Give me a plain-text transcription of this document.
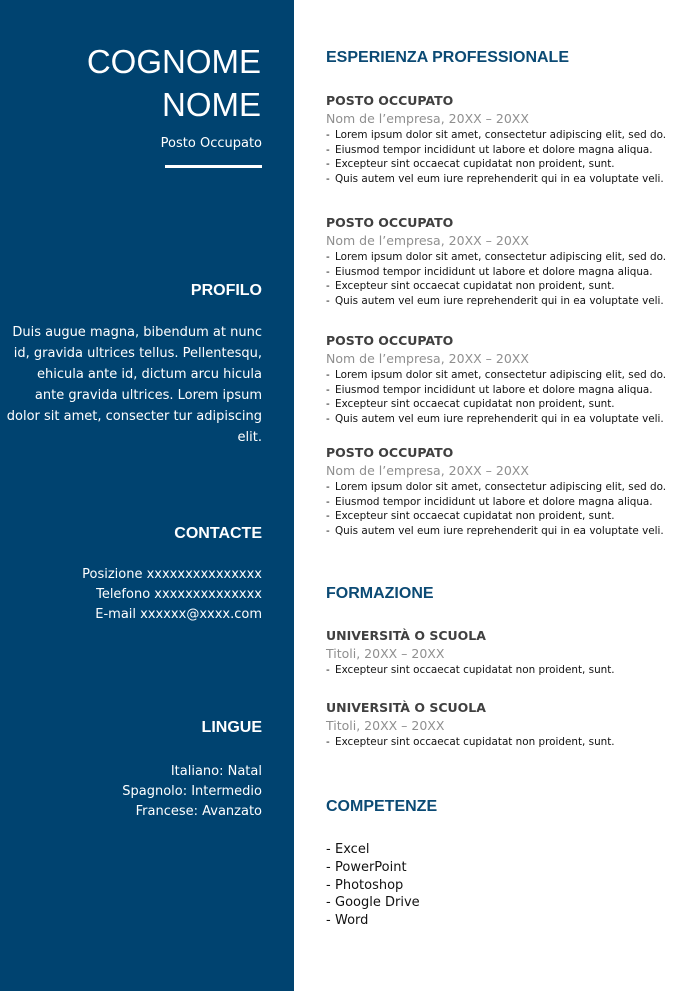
COGNOME
NOME
Posto Occupato
PROFILO

Duis augue magna, bibendum at nunc id, gravida ultrices tellus. Pellentesqu, ehicula ante id, dictum arcu hicula ante gravida ultrices. Lorem ipsum dolor sit amet, consecter tur adipiscing elit.

CONTACTE
Posizione xxxxxxxxxxxxxxx
Telefono xxxxxxxxxxxxxx
E-mail xxxxxx@xxxx.com
LINGUE
Italiano: Natal
Spagnolo: Intermedio
Francese: Avanzato
ESPERIENZA PROFESSIONALE
POSTO OCCUPATO
Nom de l’empresa, 20XX – 20XX
- Lorem ipsum dolor sit amet, consectetur adipiscing elit, sed do.
- Eiusmod tempor incididunt ut labore et dolore magna aliqua.
- Excepteur sint occaecat cupidatat non proident, sunt.
- Quis autem vel eum iure reprehenderit qui in ea voluptate veli.
POSTO OCCUPATO
Nom de l’empresa, 20XX – 20XX
- Lorem ipsum dolor sit amet, consectetur adipiscing elit, sed do.
- Eiusmod tempor incididunt ut labore et dolore magna aliqua.
- Excepteur sint occaecat cupidatat non proident, sunt.
- Quis autem vel eum iure reprehenderit qui in ea voluptate veli.
POSTO OCCUPATO
Nom de l’empresa, 20XX – 20XX
- Lorem ipsum dolor sit amet, consectetur adipiscing elit, sed do.
- Eiusmod tempor incididunt ut labore et dolore magna aliqua.
- Excepteur sint occaecat cupidatat non proident, sunt.
- Quis autem vel eum iure reprehenderit qui in ea voluptate veli.
POSTO OCCUPATO
Nom de l’empresa, 20XX – 20XX
- Lorem ipsum dolor sit amet, consectetur adipiscing elit, sed do.
- Eiusmod tempor incididunt ut labore et dolore magna aliqua.
- Excepteur sint occaecat cupidatat non proident, sunt.
- Quis autem vel eum iure reprehenderit qui in ea voluptate veli.
FORMAZIONE
UNIVERSITÀ O SCUOLA
Titoli, 20XX – 20XX
- Excepteur sint occaecat cupidatat non proident, sunt.
UNIVERSITÀ O SCUOLA
Titoli, 20XX – 20XX
- Excepteur sint occaecat cupidatat non proident, sunt.
COMPETENZE
- Excel
- PowerPoint
- Photoshop
- Google Drive
- Word
